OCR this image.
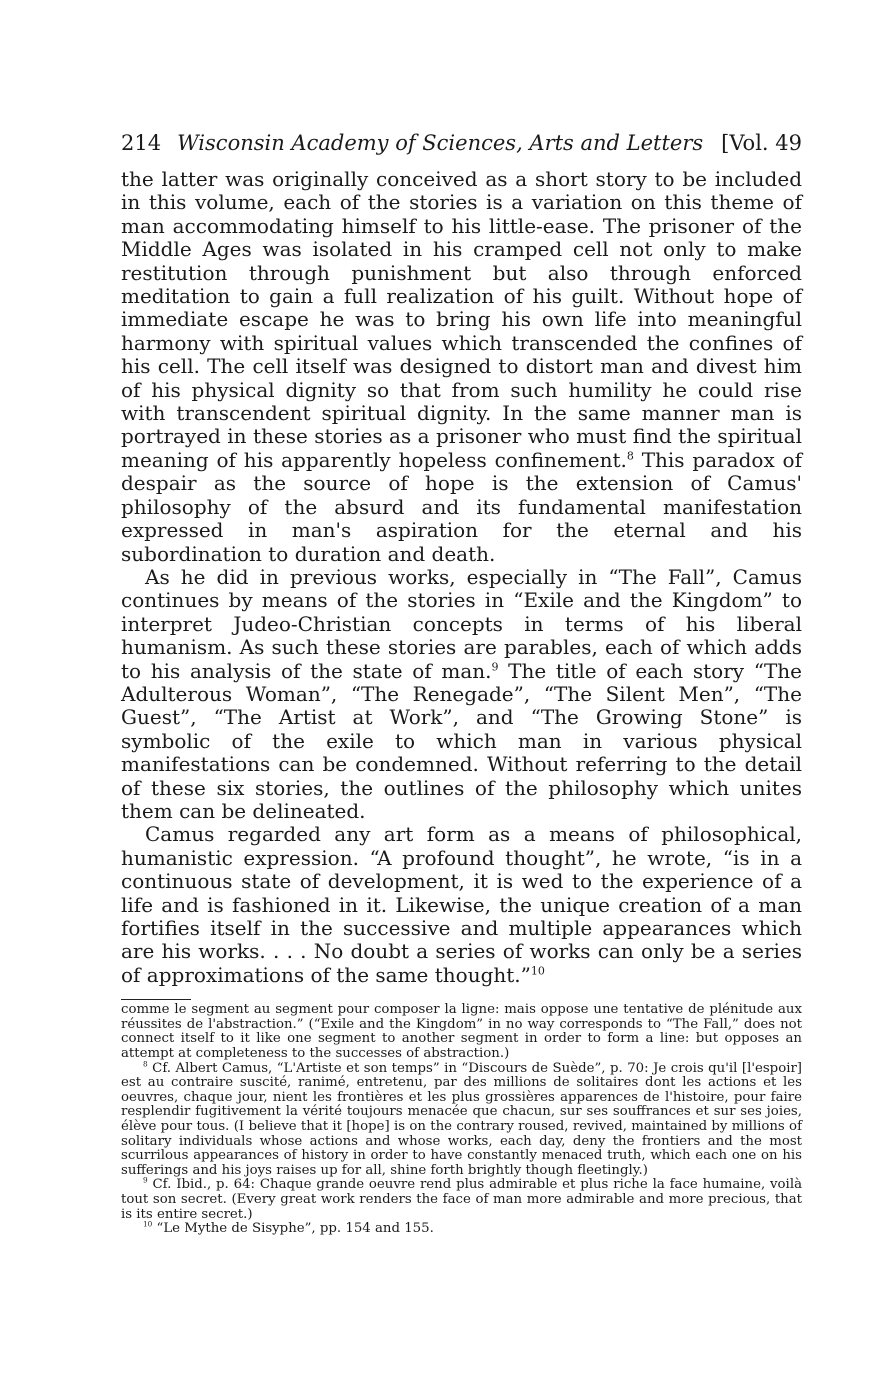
214 Wisconsin Academy of Sciences, Arts and Letters [Vol. 49

the latter was originally conceived as a short story to be included in this volume, each of the stories is a variation on this theme of man accommodating himself to his little-ease. The prisoner of the Middle Ages was isolated in his cramped cell not only to make restitution through punishment but also through enforced meditation to gain a full realization of his guilt. Without hope of immediate escape he was to bring his own life into meaningful harmony with spiritual values which transcended the confines of his cell. The cell itself was designed to distort man and divest him of his physical dignity so that from such humility he could rise with transcendent spiritual dignity. In the same manner man is portrayed in these stories as a prisoner who must find the spiritual meaning of his apparently hopeless confinement.$^8$ This paradox of despair as the source of hope is the extension of Camus' philosophy of the absurd and its fundamental manifestation expressed in man's aspiration for the eternal and his subordination to duration and death.

As he did in previous works, especially in “The Fall”, Camus continues by means of the stories in “Exile and the Kingdom” to interpret Judeo-Christian concepts in terms of his liberal humanism. As such these stories are parables, each of which adds to his analysis of the state of man.$^9$ The title of each story “The Adulterous Woman”, “The Renegade”, “The Silent Men”, “The Guest”, “The Artist at Work”, and “The Growing Stone” is symbolic of the exile to which man in various physical manifestations can be condemned. Without referring to the detail of these six stories, the outlines of the philosophy which unites them can be delineated.

Camus regarded any art form as a means of philosophical, humanistic expression. “A profound thought”, he wrote, “is in a continuous state of development, it is wed to the experience of a life and is fashioned in it. Likewise, the unique creation of a man fortifies itself in the successive and multiple appearances which are his works. . . . No doubt a series of works can only be a series of approximations of the same thought.”$^{10}$

comme le segment au segment pour composer la ligne: mais oppose une tentative de plénitude aux réussites de l'abstraction.” (“Exile and the Kingdom” in no way corresponds to “The Fall,” does not connect itself to it like one segment to another segment in order to form a line: but opposes an attempt at completeness to the successes of abstraction.)

$^8$ Cf. Albert Camus, “L'Artiste et son temps” in “Discours de Suède”, p. 70: Je crois qu'il [l'espoir] est au contraire suscité, ranimé, entretenu, par des millions de solitaires dont les actions et les oeuvres, chaque jour, nient les frontières et les plus grossières apparences de l'histoire, pour faire resplendir fugitivement la vérité toujours menacée que chacun, sur ses souffrances et sur ses joies, élève pour tous. (I believe that it [hope] is on the contrary roused, revived, maintained by millions of solitary individuals whose actions and whose works, each day, deny the frontiers and the most scurrilous appearances of history in order to have constantly menaced truth, which each one on his sufferings and his joys raises up for all, shine forth brightly though fleetingly.)

$^9$ Cf. Ibid., p. 64: Chaque grande oeuvre rend plus admirable et plus riche la face humaine, voilà tout son secret. (Every great work renders the face of man more admirable and more precious, that is its entire secret.)

$^{10}$ “Le Mythe de Sisyphe”, pp. 154 and 155.
